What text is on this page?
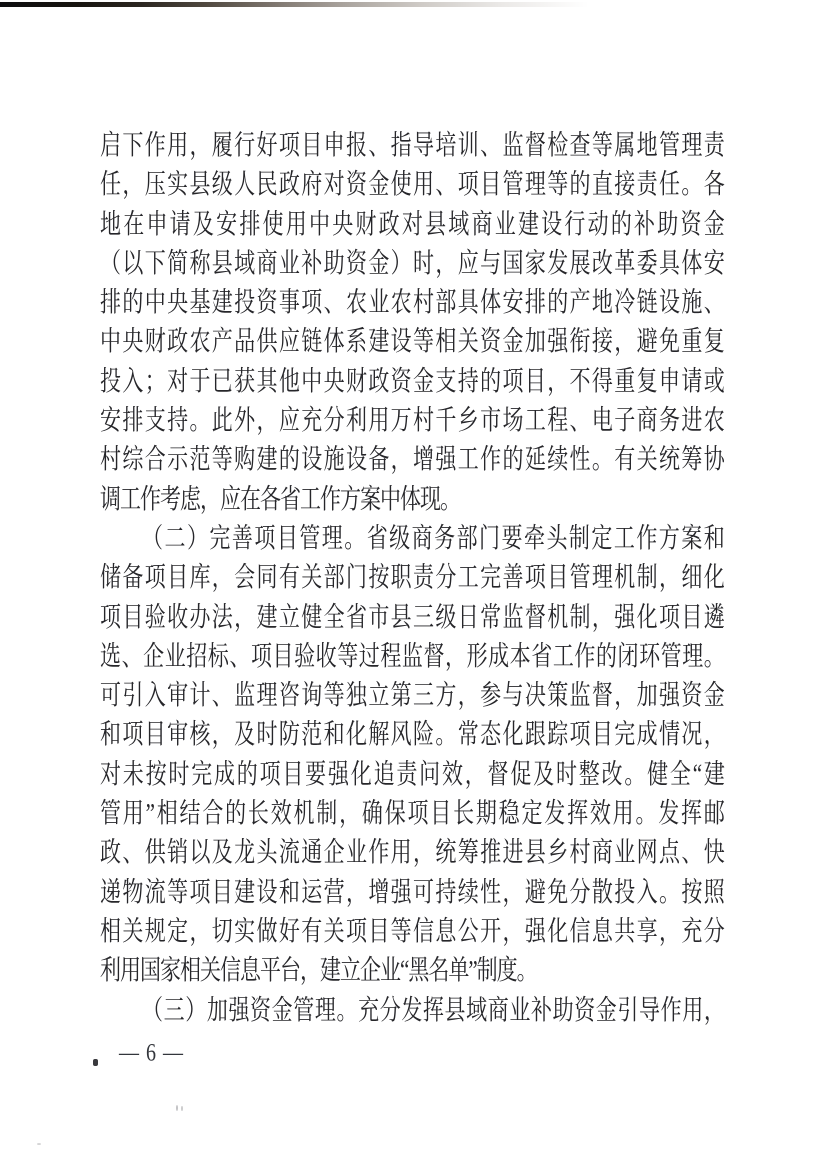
启 下 作 用 ， 履 行 好 项 目 申 报 、 指 导 培 训 、 监 督 检 查 等 属 地 管 理 责
任 ， 压 实 县 级 人 民 政 府 对 资 金 使 用 、 项 目 管 理 等 的 直 接 责 任 。 各
地 在 申 请 及 安 排 使 用 中 央 财 政 对 县 域 商 业 建 设 行 动 的 补 助 资 金
（ 以 下 简 称 县 域 商 业 补 助 资 金 ） 时 ， 应 与 国 家 发 展 改 革 委 具 体 安
排 的 中 央 基 建 投 资 事 项 、 农 业 农 村 部 具 体 安 排 的 产 地 冷 链 设 施 、
中 央 财 政 农 产 品 供 应 链 体 系 建 设 等 相 关 资 金 加 强 衔 接 ， 避 免 重 复
投 入 ； 对 于 已 获 其 他 中 央 财 政 资 金 支 持 的 项 目 ， 不 得 重 复 申 请 或
安 排 支 持 。 此 外 ， 应 充 分 利 用 万 村 千 乡 市 场 工 程 、 电 子 商 务 进 农
村 综 合 示 范 等 购 建 的 设 施 设 备 ， 增 强 工 作 的 延 续 性 。 有 关 统 筹 协
调工作考虑，应在各省工作方案中体现。
（ 二 ） 完 善 项 目 管 理 。 省 级 商 务 部 门 要 牵 头 制 定 工 作 方 案 和
储 备 项 目 库 ， 会 同 有 关 部 门 按 职 责 分 工 完 善 项 目 管 理 机 制 ， 细 化
项 目 验 收 办 法 ， 建 立 健 全 省 市 县 三 级 日 常 监 督 机 制 ， 强 化 项 目 遴
选 、 企 业 招 标 、 项 目 验 收 等 过 程 监 督 ， 形 成 本 省 工 作 的 闭 环 管 理 。
可 引 入 审 计 、 监 理 咨 询 等 独 立 第 三 方 ， 参 与 决 策 监 督 ， 加 强 资 金
和 项 目 审 核 ， 及 时 防 范 和 化 解 风 险 。 常 态 化 跟 踪 项 目 完 成 情 况 ，
对 未 按 时 完 成 的 项 目 要 强 化 追 责 问 效 ， 督 促 及 时 整 改 。 健 全 “ 建
管 用 ” 相 结 合 的 长 效 机 制 ， 确 保 项 目 长 期 稳 定 发 挥 效 用 。 发 挥 邮
政 、 供 销 以 及 龙 头 流 通 企 业 作 用 ， 统 筹 推 进 县 乡 村 商 业 网 点 、 快
递 物 流 等 项 目 建 设 和 运 营 ， 增 强 可 持 续 性 ， 避 免 分 散 投 入 。 按 照
相 关 规 定 ， 切 实 做 好 有 关 项 目 等 信 息 公 开 ， 强 化 信 息 共 享 ， 充 分
利用国家相关信息平台，建立企业“黑名单”制度。
（ 三 ） 加 强 资 金 管 理 。 充 分 发 挥 县 域 商 业 补 助 资 金 引 导 作 用 ，
— 6 —
